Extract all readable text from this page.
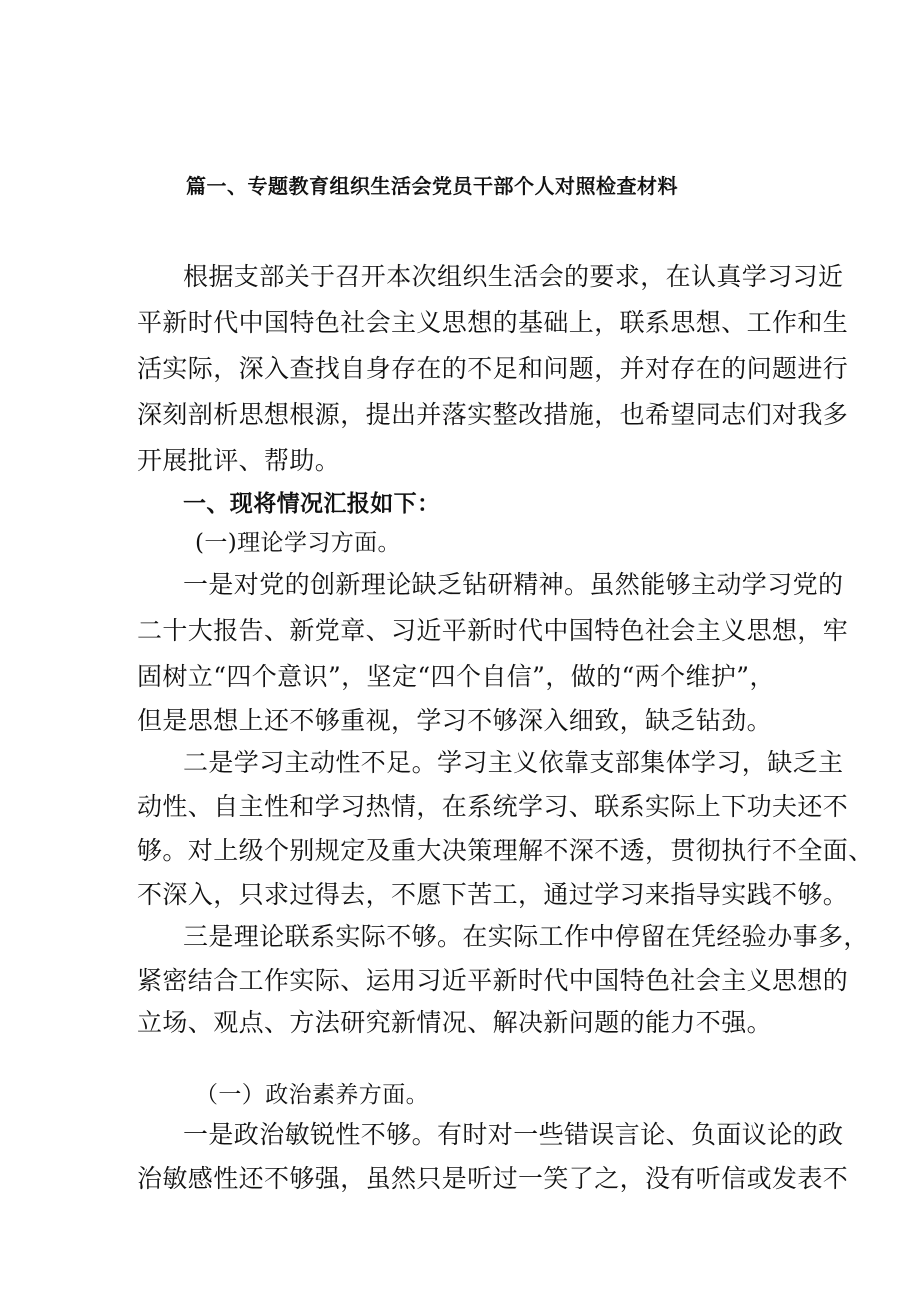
篇一、专题教育组织生活会党员干部个人对照检查材料
根据支部关于召开本次组织生活会的要求，在认真学习习近
平新时代中国特色社会主义思想的基础上，联系思想、工作和生
活实际，深入查找自身存在的不足和问题，并对存在的问题进行
深刻剖析思想根源，提出并落实整改措施，也希望同志们对我多
开展批评、帮助。
一、现将情况汇报如下：
(一)理论学习方面。
一是对党的创新理论缺乏钻研精神。虽然能够主动学习党的
二十大报告、新党章、习近平新时代中国特色社会主义思想，牢
固树立“四个意识”，坚定“四个自信”，做的“两个维护”，
但是思想上还不够重视，学习不够深入细致，缺乏钻劲。
二是学习主动性不足。学习主义依靠支部集体学习，缺乏主
动性、自主性和学习热情，在系统学习、联系实际上下功夫还不
够。对上级个别规定及重大决策理解不深不透，贯彻执行不全面、
不深入，只求过得去，不愿下苦工，通过学习来指导实践不够。
三是理论联系实际不够。在实际工作中停留在凭经验办事多，
紧密结合工作实际、运用习近平新时代中国特色社会主义思想的
立场、观点、方法研究新情况、解决新问题的能力不强。
（一）政治素养方面。
一是政治敏锐性不够。有时对一些错误言论、负面议论的政
治敏感性还不够强，虽然只是听过一笑了之，没有听信或发表不
